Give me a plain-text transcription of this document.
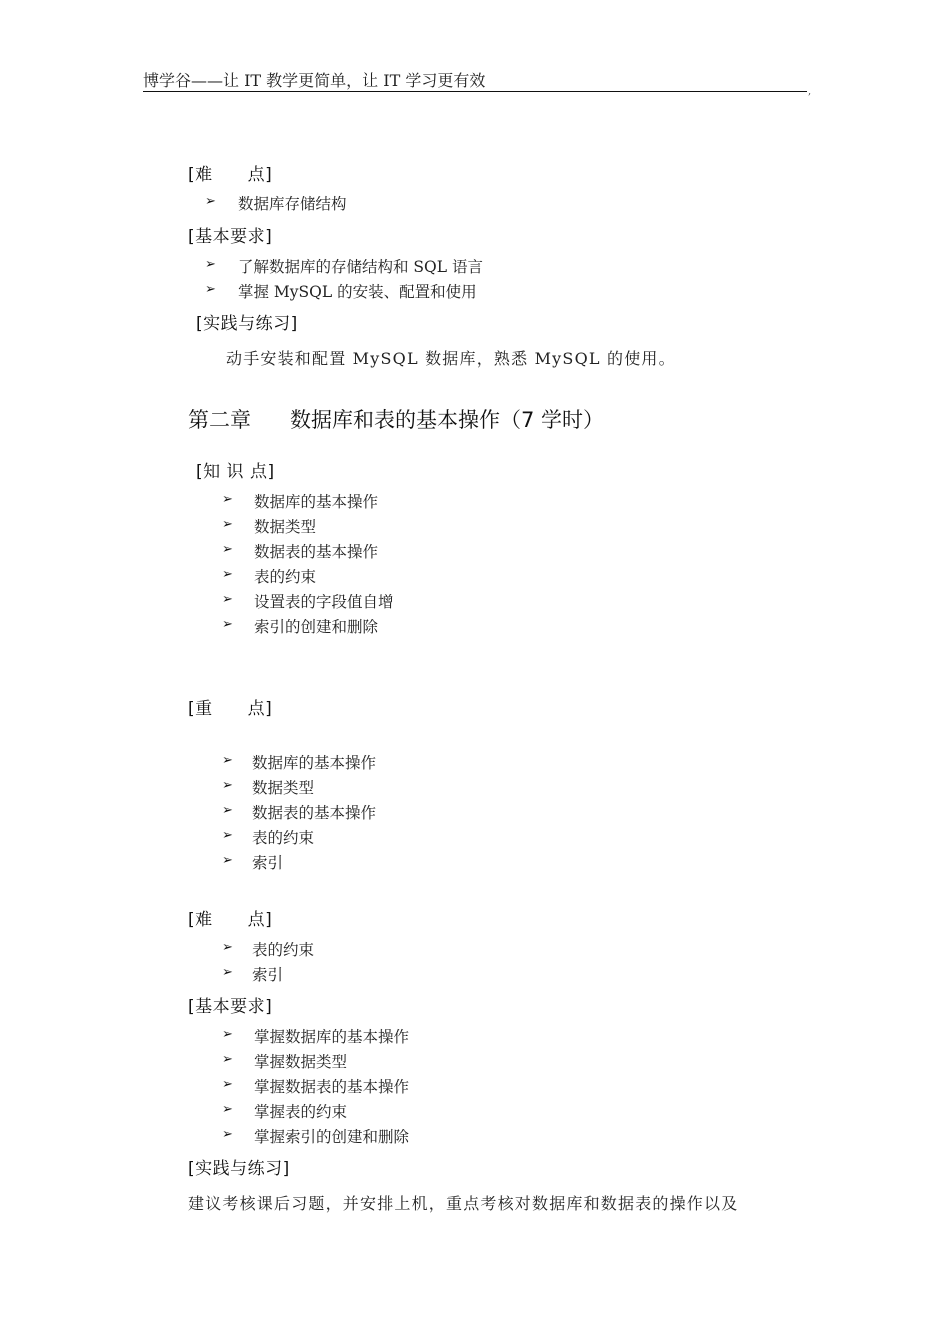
博学谷——让 IT 教学更简单，让 IT 学习更有效
,
[难　　点]
➢ 数据库存储结构
[基本要求]
➢ 了解数据库的存储结构和 SQL 语言
➢ 掌握 MySQL 的安装、配置和使用
[实践与练习]
动手安装和配置 MySQL 数据库，熟悉 MySQL 的使用。
第二章 数据库和表的基本操作（7 学时）
[知 识 点]
➢ 数据库的基本操作
➢ 数据类型
➢ 数据表的基本操作
➢ 表的约束
➢ 设置表的字段值自增
➢ 索引的创建和删除
[重　　点]
➢ 数据库的基本操作
➢ 数据类型
➢ 数据表的基本操作
➢ 表的约束
➢ 索引
[难　　点]
➢ 表的约束
➢ 索引
[基本要求]
➢ 掌握数据库的基本操作
➢ 掌握数据类型
➢ 掌握数据表的基本操作
➢ 掌握表的约束
➢ 掌握索引的创建和删除
[实践与练习]
建议考核课后习题，并安排上机，重点考核对数据库和数据表的操作以及
